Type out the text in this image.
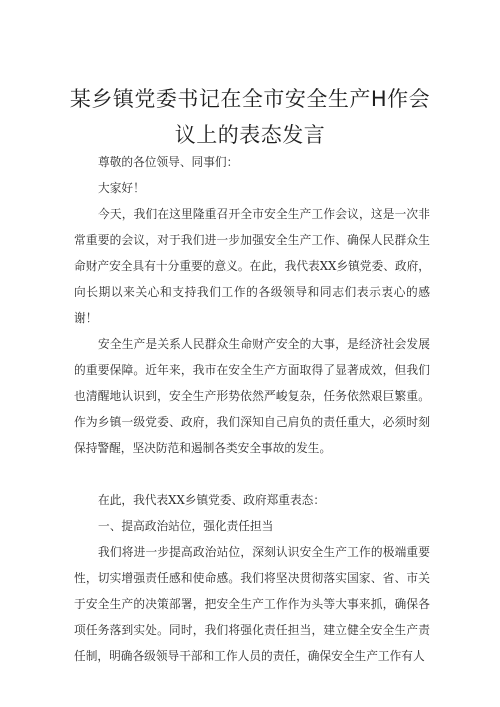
某乡镇党委书记在全市安全生产H作会
议上的表态发言

尊敬的各位领导、同事们：

大家好！

今天，我们在这里隆重召开全市安全生产工作会议，这是一次非常重要的会议，对于我们进一步加强安全生产工作、确保人民群众生命财产安全具有十分重要的意义。在此，我代表XX乡镇党委、政府，向长期以来关心和支持我们工作的各级领导和同志们表示衷心的感谢！

安全生产是关系人民群众生命财产安全的大事，是经济社会发展的重要保障。近年来，我市在安全生产方面取得了显著成效，但我们也清醒地认识到，安全生产形势依然严峻复杂，任务依然艰巨繁重。作为乡镇一级党委、政府，我们深知自己肩负的责任重大，必须时刻保持警醒，坚决防范和遏制各类安全事故的发生。

在此，我代表XX乡镇党委、政府郑重表态：

一、提高政治站位，强化责任担当

我们将进一步提高政治站位，深刻认识安全生产工作的极端重要性，切实增强责任感和使命感。我们将坚决贯彻落实国家、省、市关于安全生产的决策部署，把安全生产工作作为头等大事来抓，确保各项任务落到实处。同时，我们将强化责任担当，建立健全安全生产责任制，明确各级领导干部和工作人员的责任，确保安全生产工作有人
